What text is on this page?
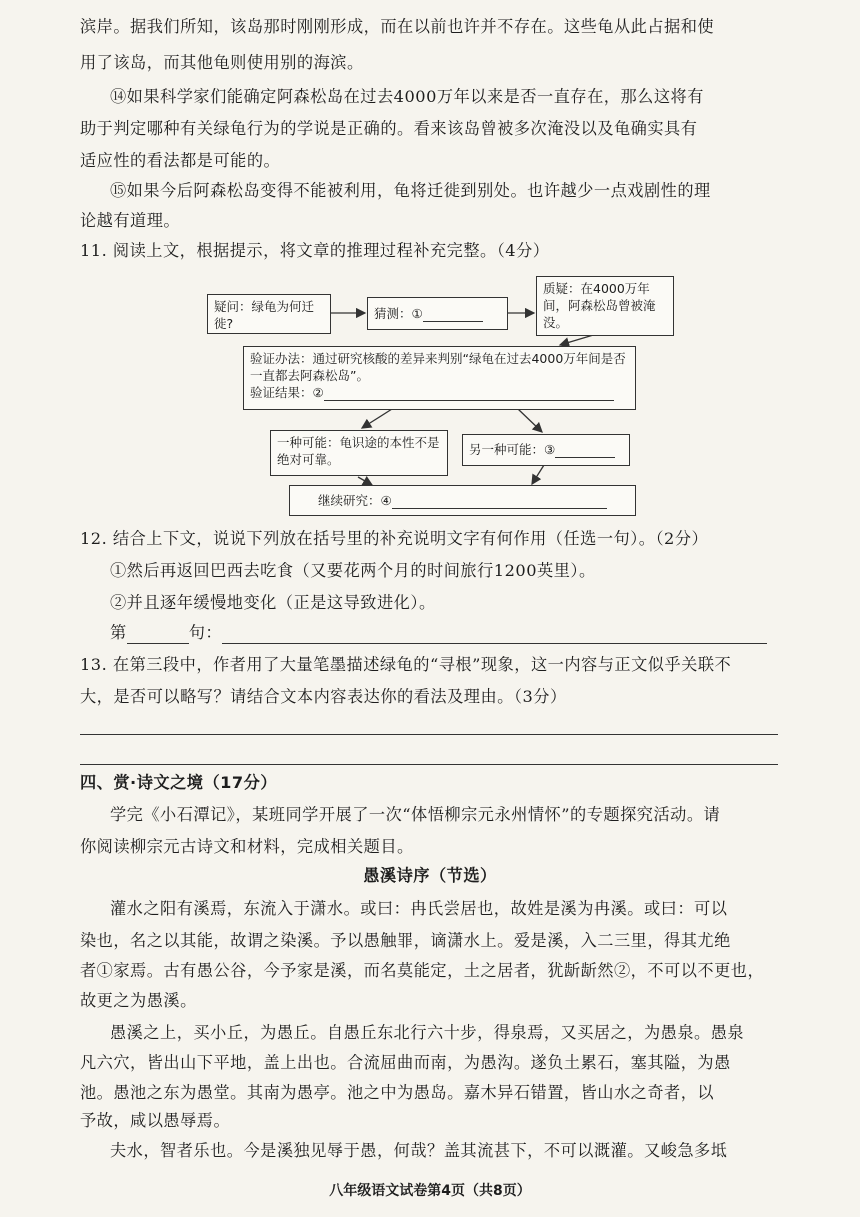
滨岸。据我们所知，该岛那时刚刚形成，而在以前也许并不存在。这些龟从此占据和使
用了该岛，而其他龟则使用别的海滨。
⑭如果科学家们能确定阿森松岛在过去4000万年以来是否一直存在，那么这将有
助于判定哪种有关绿龟行为的学说是正确的。看来该岛曾被多次淹没以及龟确实具有
适应性的看法都是可能的。
⑮如果今后阿森松岛变得不能被利用，龟将迁徙到别处。也许越少一点戏剧性的理
论越有道理。
11. 阅读上文，根据提示，将文章的推理过程补充完整。（4分）
疑问：绿龟为何迁徙?
猜测：①
质疑：在4000万年间，阿森松岛曾被淹没。
验证办法：通过研究核酸的差异来判别“绿龟在过去4000万年间是否一直都去阿森松岛”。
验证结果：②
一种可能：龟识途的本性不是绝对可靠。
另一种可能：③
继续研究：④
12. 结合上下文，说说下列放在括号里的补充说明文字有何作用（任选一句）。（2分）
①然后再返回巴西去吃食（又要花两个月的时间旅行1200英里）。
②并且逐年缓慢地变化（正是这导致进化）。
第	句：
13. 在第三段中，作者用了大量笔墨描述绿龟的“寻根”现象，这一内容与正文似乎关联不
大，是否可以略写？请结合文本内容表达你的看法及理由。（3分）
四、赏·诗文之境（17分）
学完《小石潭记》，某班同学开展了一次“体悟柳宗元永州情怀”的专题探究活动。请
你阅读柳宗元古诗文和材料，完成相关题目。
愚溪诗序（节选）
灌水之阳有溪焉，东流入于潇水。或曰：冉氏尝居也，故姓是溪为冉溪。或曰：可以
染也，名之以其能，故谓之染溪。予以愚触罪，谪潇水上。爱是溪，入二三里，得其尤绝
者①家焉。古有愚公谷，今予家是溪，而名莫能定，土之居者，犹龂龂然②，不可以不更也，
故更之为愚溪。
愚溪之上，买小丘，为愚丘。自愚丘东北行六十步，得泉焉，又买居之，为愚泉。愚泉
凡六穴，皆出山下平地，盖上出也。合流屈曲而南，为愚沟。遂负土累石，塞其隘，为愚
池。愚池之东为愚堂。其南为愚亭。池之中为愚岛。嘉木异石错置，皆山水之奇者，以
予故，咸以愚辱焉。
夫水，智者乐也。今是溪独见辱于愚，何哉？盖其流甚下，不可以溉灌。又峻急多坻
八年级语文试卷第4页（共8页）
